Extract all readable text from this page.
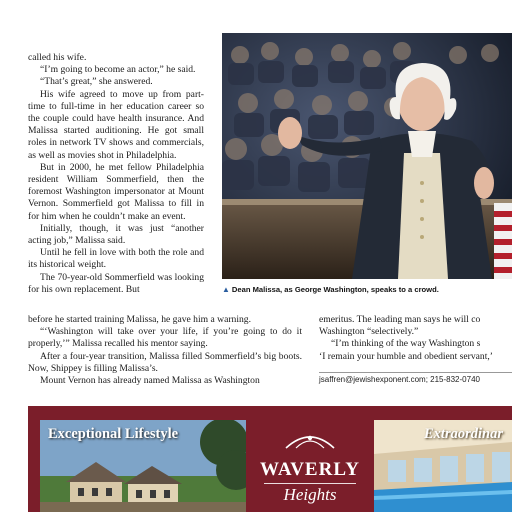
called his wife.

“I’m going to become an actor,” he said.

“That’s great,” she answered.

His wife agreed to move up from part-time to full-time in her education career so the couple could have health insurance. And Malissa started auditioning. He got small roles in network TV shows and commercials, as well as movies shot in Philadelphia.

But in 2000, he met fellow Philadelphia resident William Sommerfield, then the foremost Washington impersonator at Mount Vernon. Sommerfield got Malissa to fill in for him when he couldn’t make an event.

Initially, though, it was just “another acting job,” Malissa said.

Until he fell in love with both the role and its historical weight.

The 70-year-old Sommerfield was looking for his own replacement. But

before he started training Malissa, he gave him a warning.

“‘Washington will take over your life, if you’re going to do it properly,’” Malissa recalled his mentor saying.

After a four-year transition, Malissa filled Sommerfield’s big boots. Now, Shippey is filling Malissa’s.

Mount Vernon has already named Malissa as Washington

emeritus. The leading man says he will co

Washington “selectively.”

“I’m thinking of the way Washington s

‘I remain your humble and obedient servant,’

jsaffren@jewishexponent.com; 215-832-0740
▲ Dean Malissa, as George Washington, speaks to a crowd.
Exceptional Lifestyle
WAVERLY
Heights
Extraordinar
